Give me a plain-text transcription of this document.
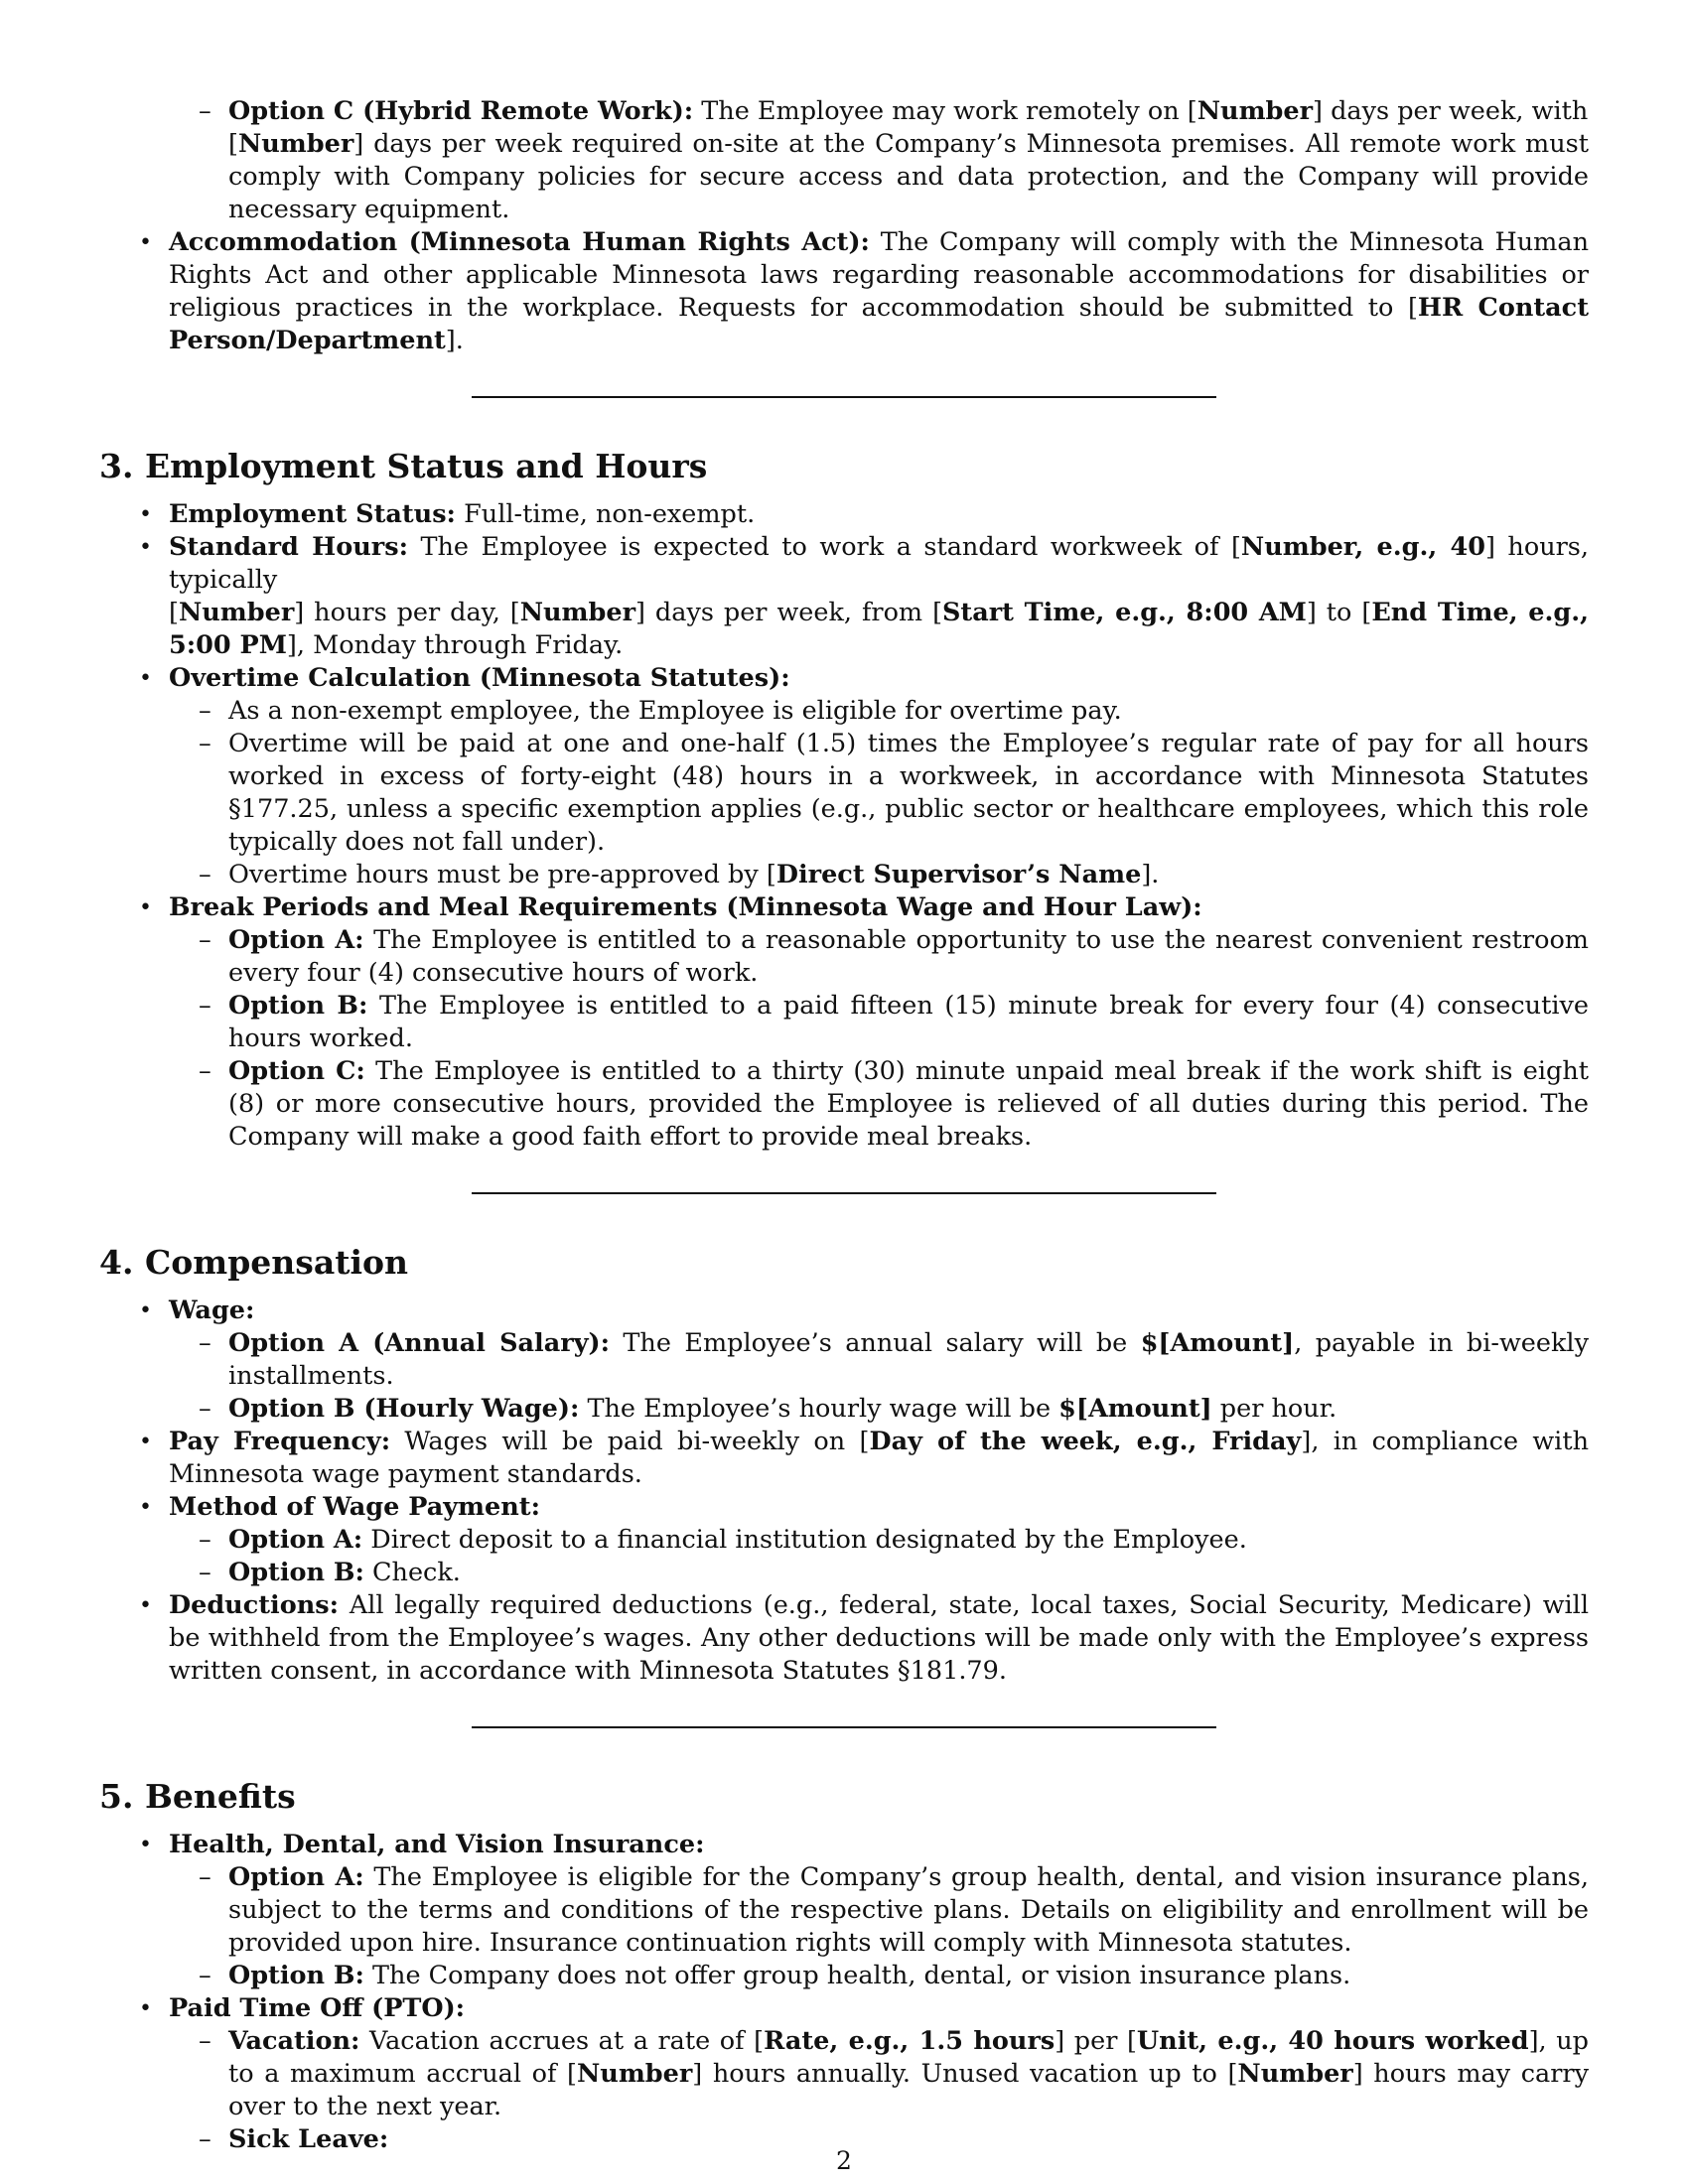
– Option C (Hybrid Remote Work): The Employee may work remotely on [Number] days per week, with
[Number] days per week required on-site at the Company’s Minnesota premises. All remote work must comply with Company policies for secure access and data protection, and the Company will provide necessary equipment.
• Accommodation (Minnesota Human Rights Act): The Company will comply with the Minnesota Human Rights Act and other applicable Minnesota laws regarding reasonable accommodations for disabilities or religious practices in the workplace. Requests for accommodation should be submitted to [HR Contact Person/Department].
3. Employment Status and Hours
• Employment Status: Full-time, non-exempt.
• Standard Hours: The Employee is expected to work a standard workweek of [Number, e.g., 40] hours, typically
[Number] hours per day, [Number] days per week, from [Start Time, e.g., 8:00 AM] to [End Time, e.g., 5:00 PM], Monday through Friday.
• Overtime Calculation (Minnesota Statutes):
– As a non-exempt employee, the Employee is eligible for overtime pay.
– Overtime will be paid at one and one-half (1.5) times the Employee’s regular rate of pay for all hours worked in excess of forty-eight (48) hours in a workweek, in accordance with Minnesota Statutes §177.25, unless a specific exemption applies (e.g., public sector or healthcare employees, which this role typically does not fall under).
– Overtime hours must be pre-approved by [Direct Supervisor’s Name].
• Break Periods and Meal Requirements (Minnesota Wage and Hour Law):
– Option A: The Employee is entitled to a reasonable opportunity to use the nearest convenient restroom every four (4) consecutive hours of work.
– Option B: The Employee is entitled to a paid fifteen (15) minute break for every four (4) consecutive hours worked.
– Option C: The Employee is entitled to a thirty (30) minute unpaid meal break if the work shift is eight (8) or more consecutive hours, provided the Employee is relieved of all duties during this period. The Company will make a good faith effort to provide meal breaks.
4. Compensation
• Wage:
– Option A (Annual Salary): The Employee’s annual salary will be $[Amount], payable in bi-weekly installments.
– Option B (Hourly Wage): The Employee’s hourly wage will be $[Amount] per hour.
• Pay Frequency: Wages will be paid bi-weekly on [Day of the week, e.g., Friday], in compliance with Minnesota wage payment standards.
• Method of Wage Payment:
– Option A: Direct deposit to a financial institution designated by the Employee.
– Option B: Check.
• Deductions: All legally required deductions (e.g., federal, state, local taxes, Social Security, Medicare) will be withheld from the Employee’s wages. Any other deductions will be made only with the Employee’s express written consent, in accordance with Minnesota Statutes §181.79.
5. Benefits
• Health, Dental, and Vision Insurance:
– Option A: The Employee is eligible for the Company’s group health, dental, and vision insurance plans, subject to the terms and conditions of the respective plans. Details on eligibility and enrollment will be provided upon hire. Insurance continuation rights will comply with Minnesota statutes.
– Option B: The Company does not offer group health, dental, or vision insurance plans.
• Paid Time Off (PTO):
– Vacation: Vacation accrues at a rate of [Rate, e.g., 1.5 hours] per [Unit, e.g., 40 hours worked], up to a maximum accrual of [Number] hours annually. Unused vacation up to [Number] hours may carry over to the next year.
– Sick Leave:
2
